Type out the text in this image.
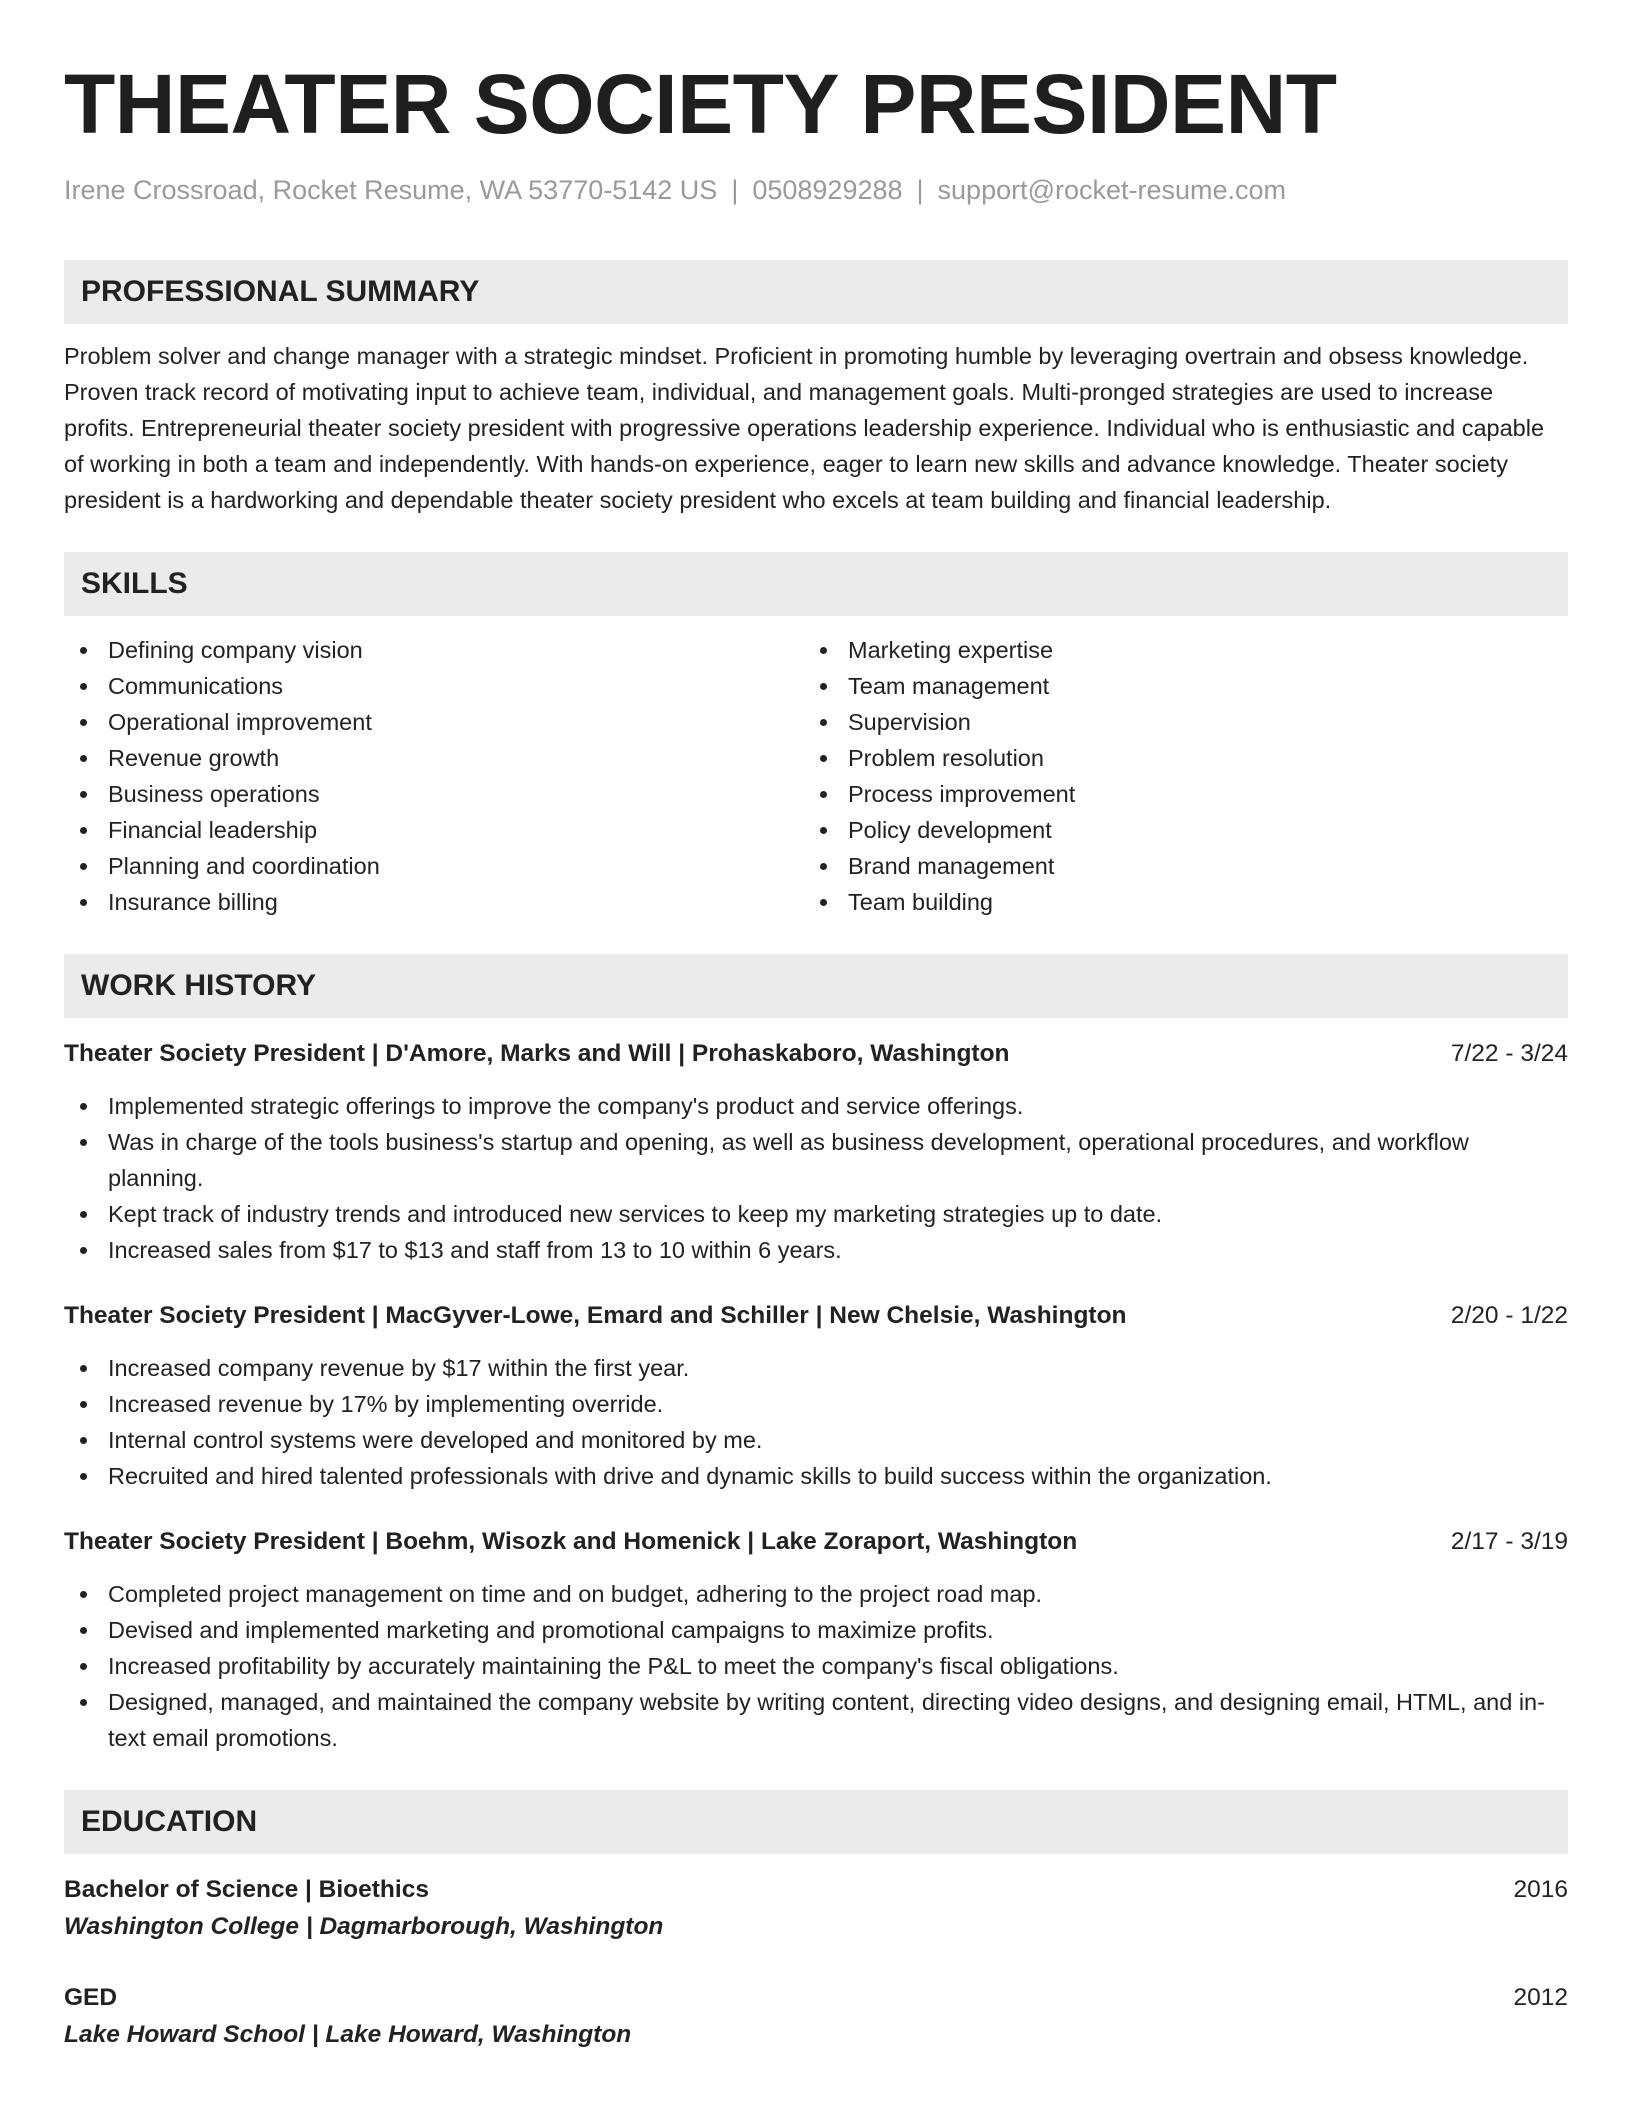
THEATER SOCIETY PRESIDENT
Irene Crossroad, Rocket Resume, WA 53770-5142 US | 0508929288 | support@rocket-resume.com
PROFESSIONAL SUMMARY
Problem solver and change manager with a strategic mindset. Proficient in promoting humble by leveraging overtrain and obsess knowledge. Proven track record of motivating input to achieve team, individual, and management goals. Multi-pronged strategies are used to increase profits. Entrepreneurial theater society president with progressive operations leadership experience. Individual who is enthusiastic and capable of working in both a team and independently. With hands-on experience, eager to learn new skills and advance knowledge. Theater society president is a hardworking and dependable theater society president who excels at team building and financial leadership.
SKILLS
Defining company vision
Communications
Operational improvement
Revenue growth
Business operations
Financial leadership
Planning and coordination
Insurance billing
Marketing expertise
Team management
Supervision
Problem resolution
Process improvement
Policy development
Brand management
Team building
WORK HISTORY
Theater Society President | D'Amore, Marks and Will | Prohaskaboro, Washington	7/22 - 3/24
Implemented strategic offerings to improve the company's product and service offerings.
Was in charge of the tools business's startup and opening, as well as business development, operational procedures, and workflow planning.
Kept track of industry trends and introduced new services to keep my marketing strategies up to date.
Increased sales from $17 to $13 and staff from 13 to 10 within 6 years.
Theater Society President | MacGyver-Lowe, Emard and Schiller | New Chelsie, Washington	2/20 - 1/22
Increased company revenue by $17 within the first year.
Increased revenue by 17% by implementing override.
Internal control systems were developed and monitored by me.
Recruited and hired talented professionals with drive and dynamic skills to build success within the organization.
Theater Society President | Boehm, Wisozk and Homenick | Lake Zoraport, Washington	2/17 - 3/19
Completed project management on time and on budget, adhering to the project road map.
Devised and implemented marketing and promotional campaigns to maximize profits.
Increased profitability by accurately maintaining the P&L to meet the company's fiscal obligations.
Designed, managed, and maintained the company website by writing content, directing video designs, and designing email, HTML, and in-text email promotions.
EDUCATION
Bachelor of Science | Bioethics	2016
Washington College | Dagmarborough, Washington
GED	2012
Lake Howard School | Lake Howard, Washington
